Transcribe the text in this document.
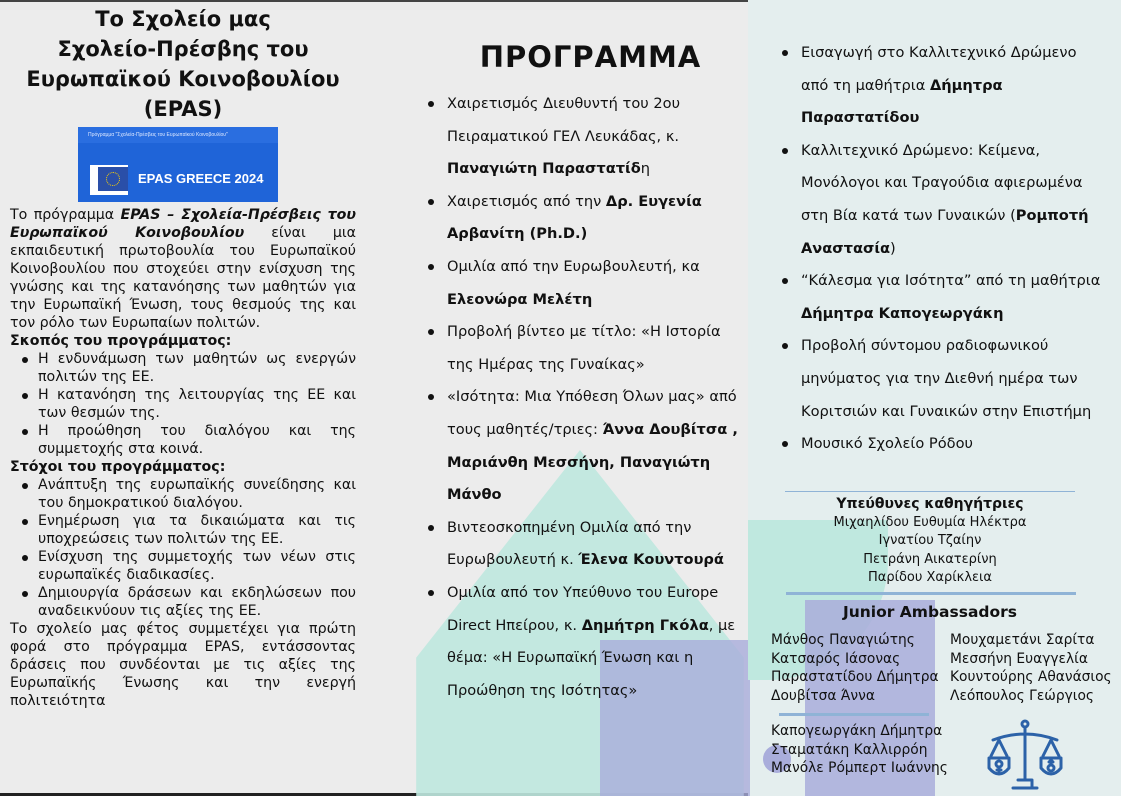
Το Σχολείο μας
Σχολείο-Πρέσβης του
Ευρωπαϊκού Κοινοβουλίου
(EPAS)
Πρόγραμμα "Σχολεία-Πρέσβεις του Ευρωπαϊκού Κοινοβουλίου"
EPAS GREECE 2024

Το πρόγραμμα EPAS – Σχολεία-Πρέσβεις του Ευρωπαϊκού Κοινοβουλίου είναι μια εκπαιδευτική πρωτοβουλία του Ευρωπαϊκού Κοινοβουλίου που στοχεύει στην ενίσχυση της γνώσης και της κατανόησης των μαθητών για την Ευρωπαϊκή Ένωση, τους θεσμούς της και τον ρόλο των Ευρωπαίων πολιτών.

Σκοπός του προγράμματος:
Η ενδυνάμωση των μαθητών ως ενεργών πολιτών της ΕΕ.
Η κατανόηση της λειτουργίας της ΕΕ και των θεσμών της.
Η προώθηση του διαλόγου και της συμμετοχής στα κοινά.
Στόχοι του προγράμματος:
Ανάπτυξη της ευρωπαϊκής συνείδησης και του δημοκρατικού διαλόγου.
Ενημέρωση για τα δικαιώματα και τις υποχρεώσεις των πολιτών της ΕΕ.
Ενίσχυση της συμμετοχής των νέων στις ευρωπαϊκές διαδικασίες.
Δημιουργία δράσεων και εκδηλώσεων που αναδεικνύουν τις αξίες της ΕΕ.

Το σχολείο μας φέτος συμμετέχει για πρώτη φορά στο πρόγραμμα EPAS, εντάσσοντας δράσεις που συνδέονται με τις αξίες της Ευρωπαϊκής Ένωσης και την ενεργή πολιτειότητα

ΠΡΟΓΡΑΜΜΑ
Χαιρετισμός Διευθυντή του 2ου Πειραματικού ΓΕΛ Λευκάδας, κ. Παναγιώτη Παραστατίδη
Χαιρετισμός από την Δρ. Ευγενία Αρβανίτη (Ph.D.)
Ομιλία από την Ευρωβουλευτή, κα Ελεονώρα Μελέτη
Προβολή βίντεο με τίτλο: «Η Ιστορία της Ημέρας της Γυναίκας»
«Ισότητα: Μια Υπόθεση Όλων μας» από τους μαθητές/τριες: Άννα Δουβίτσα , Μαριάνθη Μεσσήνη, Παναγιώτη Μάνθο
Βιντεοσκοπημένη Ομιλία από την Ευρωβουλευτή κ. Έλενα Κουντουρά
Ομιλία από τον Υπεύθυνο του Europe Direct Ηπείρου, κ. Δημήτρη Γκόλα, με θέμα: «Η Ευρωπαϊκή Ένωση και η Προώθηση της Ισότητας»
Εισαγωγή στο Καλλιτεχνικό Δρώμενο από τη μαθήτρια Δήμητρα Παραστατίδου
Καλλιτεχνικό Δρώμενο: Κείμενα, Μονόλογοι και Τραγούδια αφιερωμένα στη Βία κατά των Γυναικών (Ρομποτή Αναστασία)
“Κάλεσμα για Ισότητα” από τη μαθήτρια Δήμητρα Καπογεωργάκη
Προβολή σύντομου ραδιοφωνικού μηνύματος για την Διεθνή ημέρα των Κοριτσιών και Γυναικών στην Επιστήμη
Μουσικό Σχολείο Ρόδου
Υπεύθυνες καθηγήτριες
Μιχαηλίδου Ευθυμία Ηλέκτρα
Ιγνατίου Τζαίην
Πετράνη Αικατερίνη
Παρίδου Χαρίκλεια
Junior Ambassadors
Μάνθος Παναγιώτης
Κατσαρός Ιάσονας
Παραστατίδου Δήμητρα
Δουβίτσα Άννα
Μουχαμετάνι Σαρίτα
Μεσσήνη Ευαγγελία
Κουντούρης Αθανάσιος
Λεόπουλος Γεώργιος
Καπογεωργάκη Δήμητρα
Σταματάκη Καλλιρρόη
Μανόλε Ρόμπερτ Ιωάννης
